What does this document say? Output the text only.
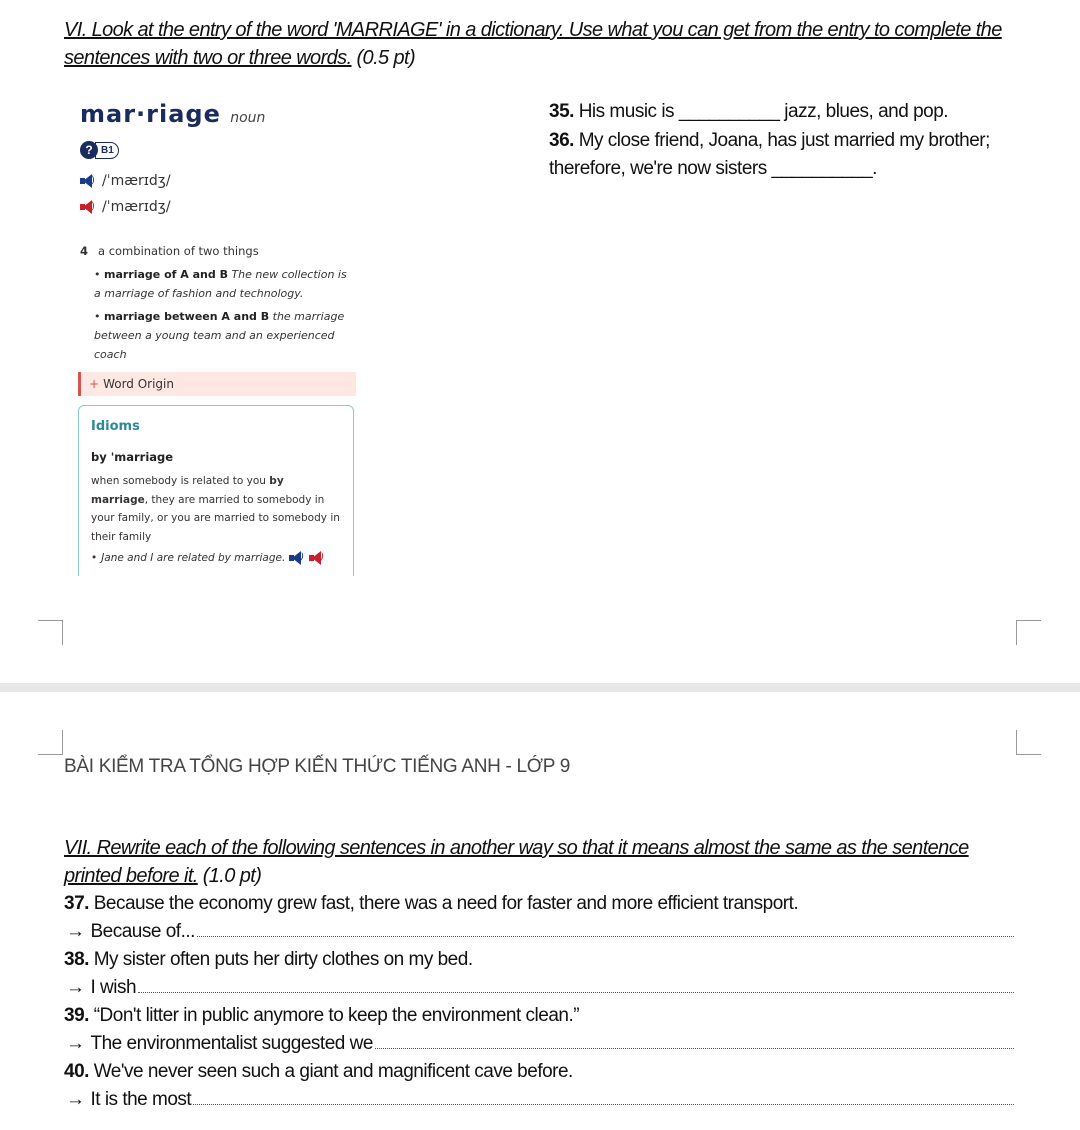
VI. Look at the entry of the word 'MARRIAGE' in a dictionary. Use what you can get from the entry to complete the sentences with two or three words. (0.5 pt)
mar·riage noun
? B1
) /ˈmærɪdʒ/
) /ˈmærɪdʒ/
4 a combination of two things
• marriage of A and B The new collection is a marriage of fashion and technology.
• marriage between A and B the marriage between a young team and an experienced coach
+ Word Origin
Idioms
by 'marriage
when somebody is related to you by marriage, they are married to somebody in your family, or you are married to somebody in their family
• Jane and I are related by marriage. ) )
35. His music is __________ jazz, blues, and pop.
36. My close friend, Joana, has just married my brother;
therefore, we're now sisters __________.
BÀI KIỂM TRA TỔNG HỢP KIẾN THỨC TIẾNG ANH - LỚP 9
VII. Rewrite each of the following sentences in another way so that it means almost the same as the sentence printed before it. (1.0 pt)
37. Because the economy grew fast, there was a need for faster and more efficient transport.
→ Because of...
38. My sister often puts her dirty clothes on my bed.
→ I wish
39. “Don't litter in public anymore to keep the environment clean.”
→ The environmentalist suggested we
40. We've never seen such a giant and magnificent cave before.
→ It is the most
